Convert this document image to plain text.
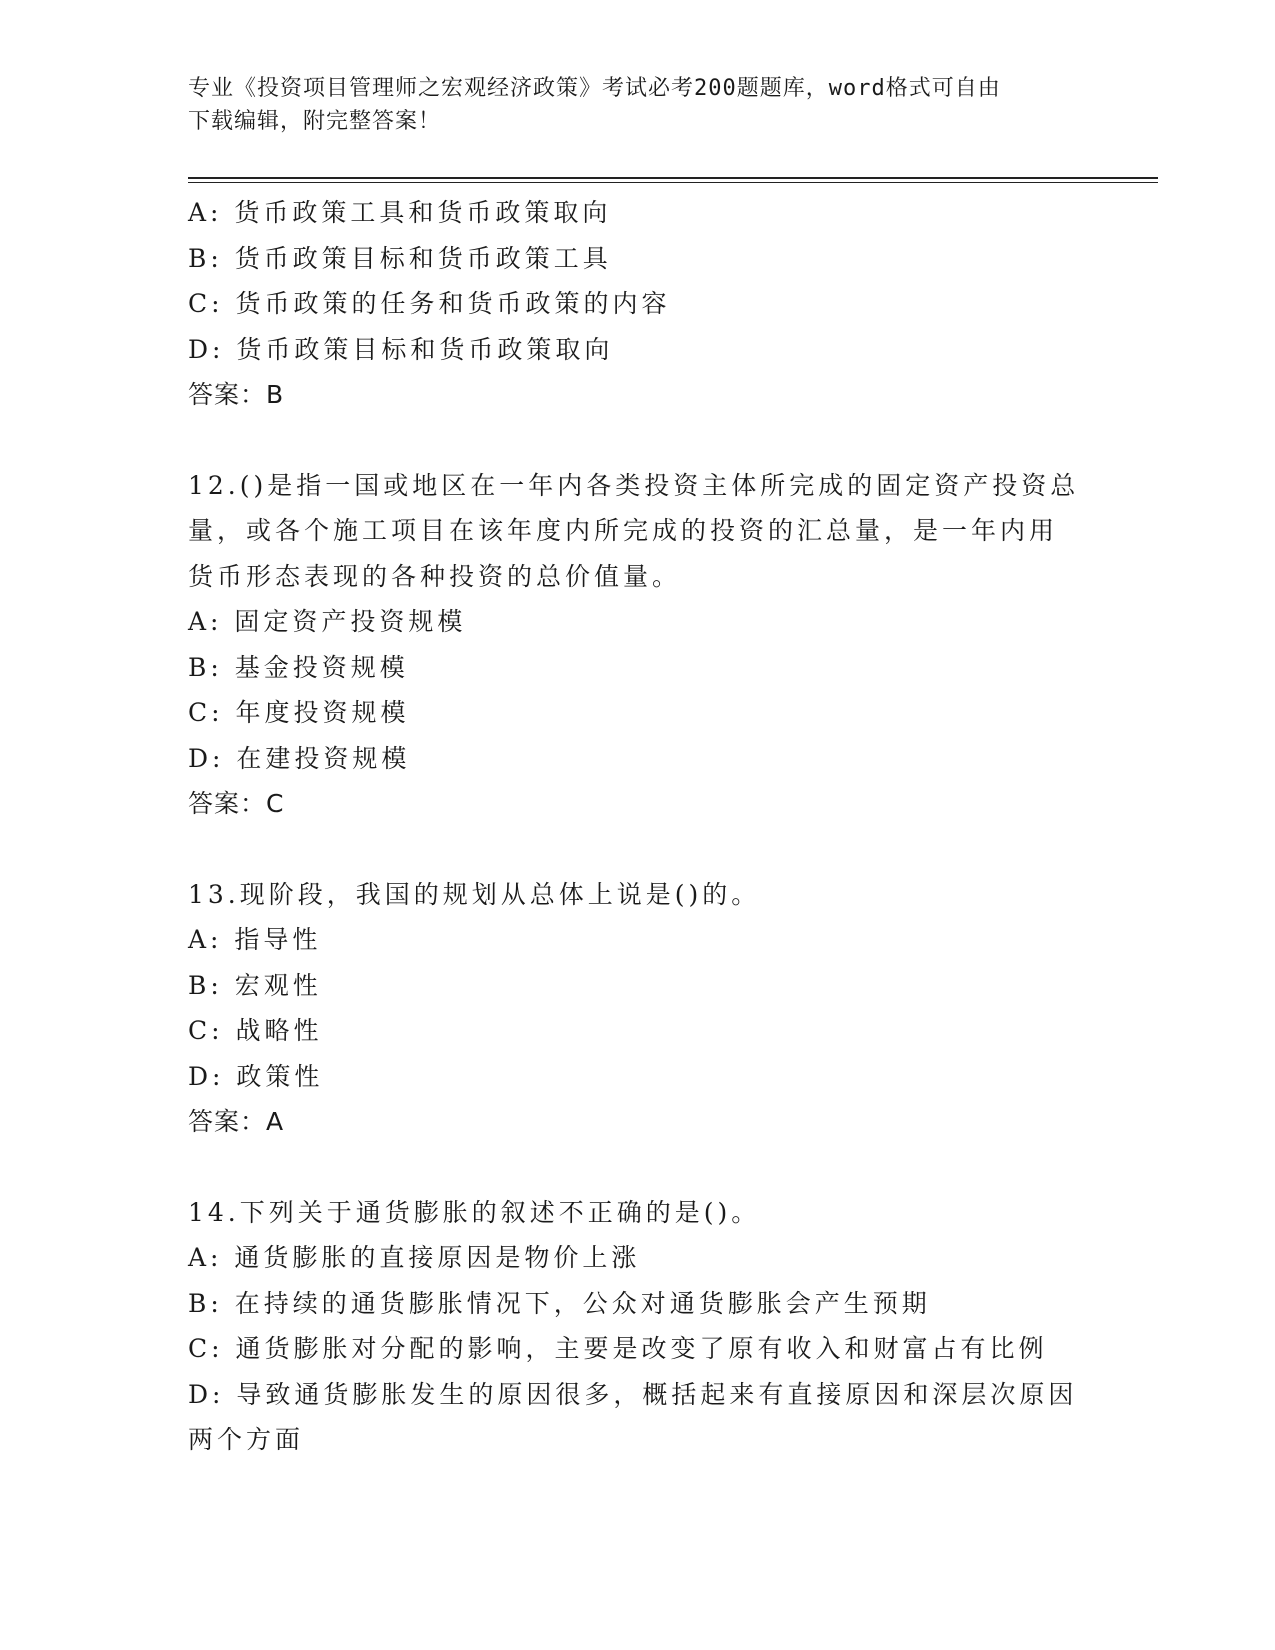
专业《投资项目管理师之宏观经济政策》考试必考200题题库，word格式可自由
下载编辑，附完整答案！
A: 货币政策工具和货币政策取向
B: 货币政策目标和货币政策工具
C: 货币政策的任务和货币政策的内容
D: 货币政策目标和货币政策取向
答案：B
12.()是指一国或地区在一年内各类投资主体所完成的固定资产投资总
量，或各个施工项目在该年度内所完成的投资的汇总量，是一年内用
货币形态表现的各种投资的总价值量。
A: 固定资产投资规模
B: 基金投资规模
C: 年度投资规模
D: 在建投资规模
答案：C
13.现阶段，我国的规划从总体上说是()的。
A: 指导性
B: 宏观性
C: 战略性
D: 政策性
答案：A
14.下列关于通货膨胀的叙述不正确的是()。
A: 通货膨胀的直接原因是物价上涨
B: 在持续的通货膨胀情况下，公众对通货膨胀会产生预期
C: 通货膨胀对分配的影响，主要是改变了原有收入和财富占有比例
D: 导致通货膨胀发生的原因很多，概括起来有直接原因和深层次原因
两个方面
